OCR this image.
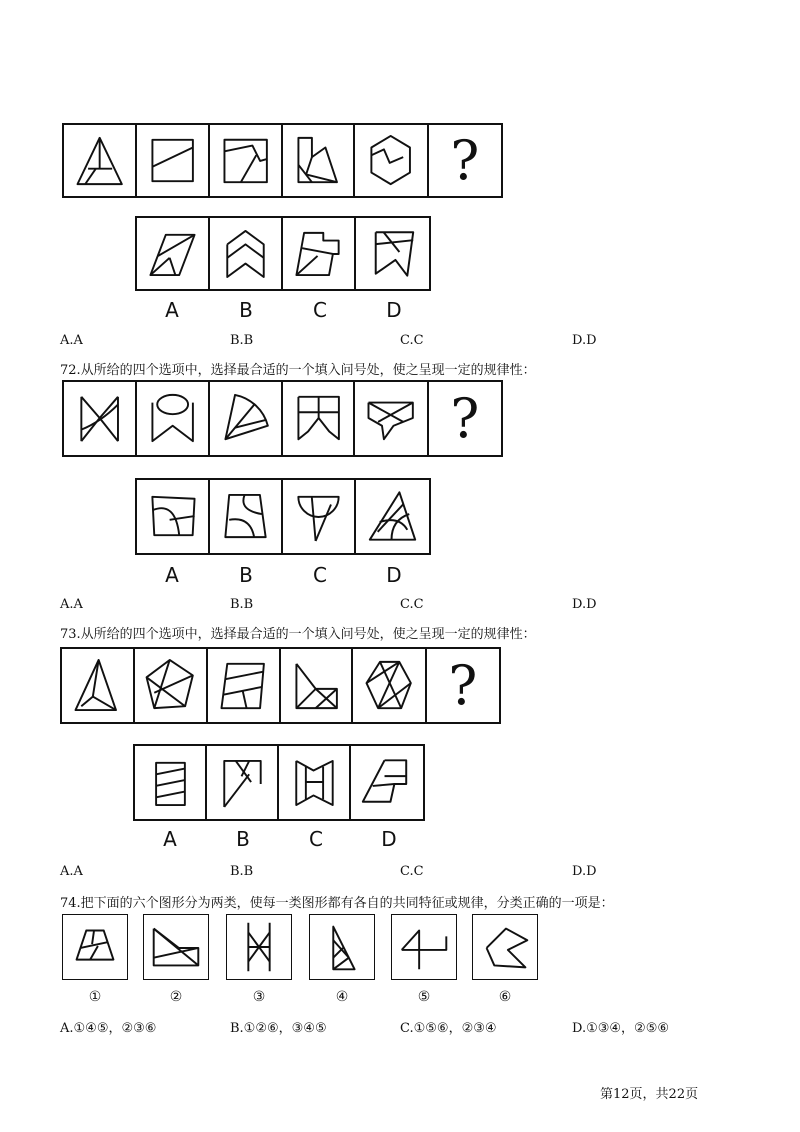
?
A	B	C	D
A.A	B.B	C.C	D.D
72.从所给的四个选项中，选择最合适的一个填入问号处，使之呈现一定的规律性：
?
A	B	C	D
A.A	B.B	C.C	D.D
73.从所给的四个选项中，选择最合适的一个填入问号处，使之呈现一定的规律性：
?
A	B	C	D
A.A	B.B	C.C	D.D
74.把下面的六个图形分为两类，使每一类图形都有各自的共同特征或规律，分类正确的一项是：
①	②	③	④	⑤	⑥
A.①④⑤，②③⑥	B.①②⑥，③④⑤	C.①⑤⑥，②③④	D.①③④，②⑤⑥
第12页，共22页
